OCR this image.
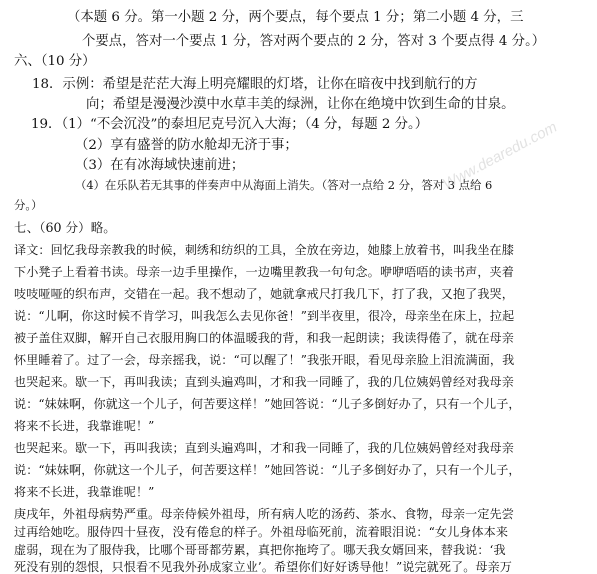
（本题 6 分。第一小题 2 分，两个要点，每个要点 1 分；第二小题 4 分，三
个要点，答对一个要点 1 分，答对两个要点的 2 分，答对 3 个要点得 4 分。）
六、（10 分）
18．示例：希望是茫茫大海上明亮耀眼的灯塔，让你在暗夜中找到航行的方
向；希望是漫漫沙漠中水草丰美的绿洲，让你在绝境中饮到生命的甘泉。
19．（1）“不会沉没”的泰坦尼克号沉入大海；（4 分，每题 2 分。）
（2）享有盛誉的防水舱却无济于事；
（3）在有冰海域快速前进；
（4）在乐队若无其事的伴奏声中从海面上消失。（答对一点给 2 分，答对 3 点给 6
分。）
七、（60 分）略。
译文：回忆我母亲教我的时候，刺绣和纺织的工具，全放在旁边，她膝上放着书，叫我坐在膝
下小凳子上看着书读。母亲一边手里操作，一边嘴里教我一句句念。咿咿唔唔的读书声，夹着
吱吱哑哑的织布声，交错在一起。我不想动了，她就拿戒尺打我几下，打了我，又抱了我哭，
说：“儿啊，你这时候不肯学习，叫我怎么去见你爸！”到半夜里，很冷，母亲坐在床上，拉起
被子盖住双脚，解开自己衣服用胸口的体温暖我的背，和我一起朗读；我读得倦了，就在母亲
怀里睡着了。过了一会，母亲摇我，说：“可以醒了！”我张开眼，看见母亲脸上泪流满面，我
也哭起来。歇一下，再叫我读；直到头遍鸡叫，才和我一同睡了，我的几位姨妈曾经对我母亲
说：“妹妹啊，你就这一个儿子，何苦要这样！”她回答说：“儿子多倒好办了，只有一个儿子，
将来不长进，我靠谁呢！”
也哭起来。歇一下，再叫我读；直到头遍鸡叫，才和我一同睡了，我的几位姨妈曾经对我母亲
说：“妹妹啊，你就这一个儿子，何苦要这样！”她回答说：“儿子多倒好办了，只有一个儿子，
将来不长进，我靠谁呢！”
庚戌年，外祖母病势严重。母亲侍候外祖母，所有病人吃的汤药、茶水、食物，母亲一定先尝
过再给她吃。服侍四十昼夜，没有倦怠的样子。外祖母临死前，流着眼泪说：“女儿身体本来
虚弱，现在为了服侍我，比哪个哥哥都劳累，真把你拖垮了。哪天我女婿回来，替我说：‘我
死没有别的怨恨，只恨看不见我外孙成家立业’。希望你们好好诱导他！”说完就死了。母亲万
Www.dearedu.com
